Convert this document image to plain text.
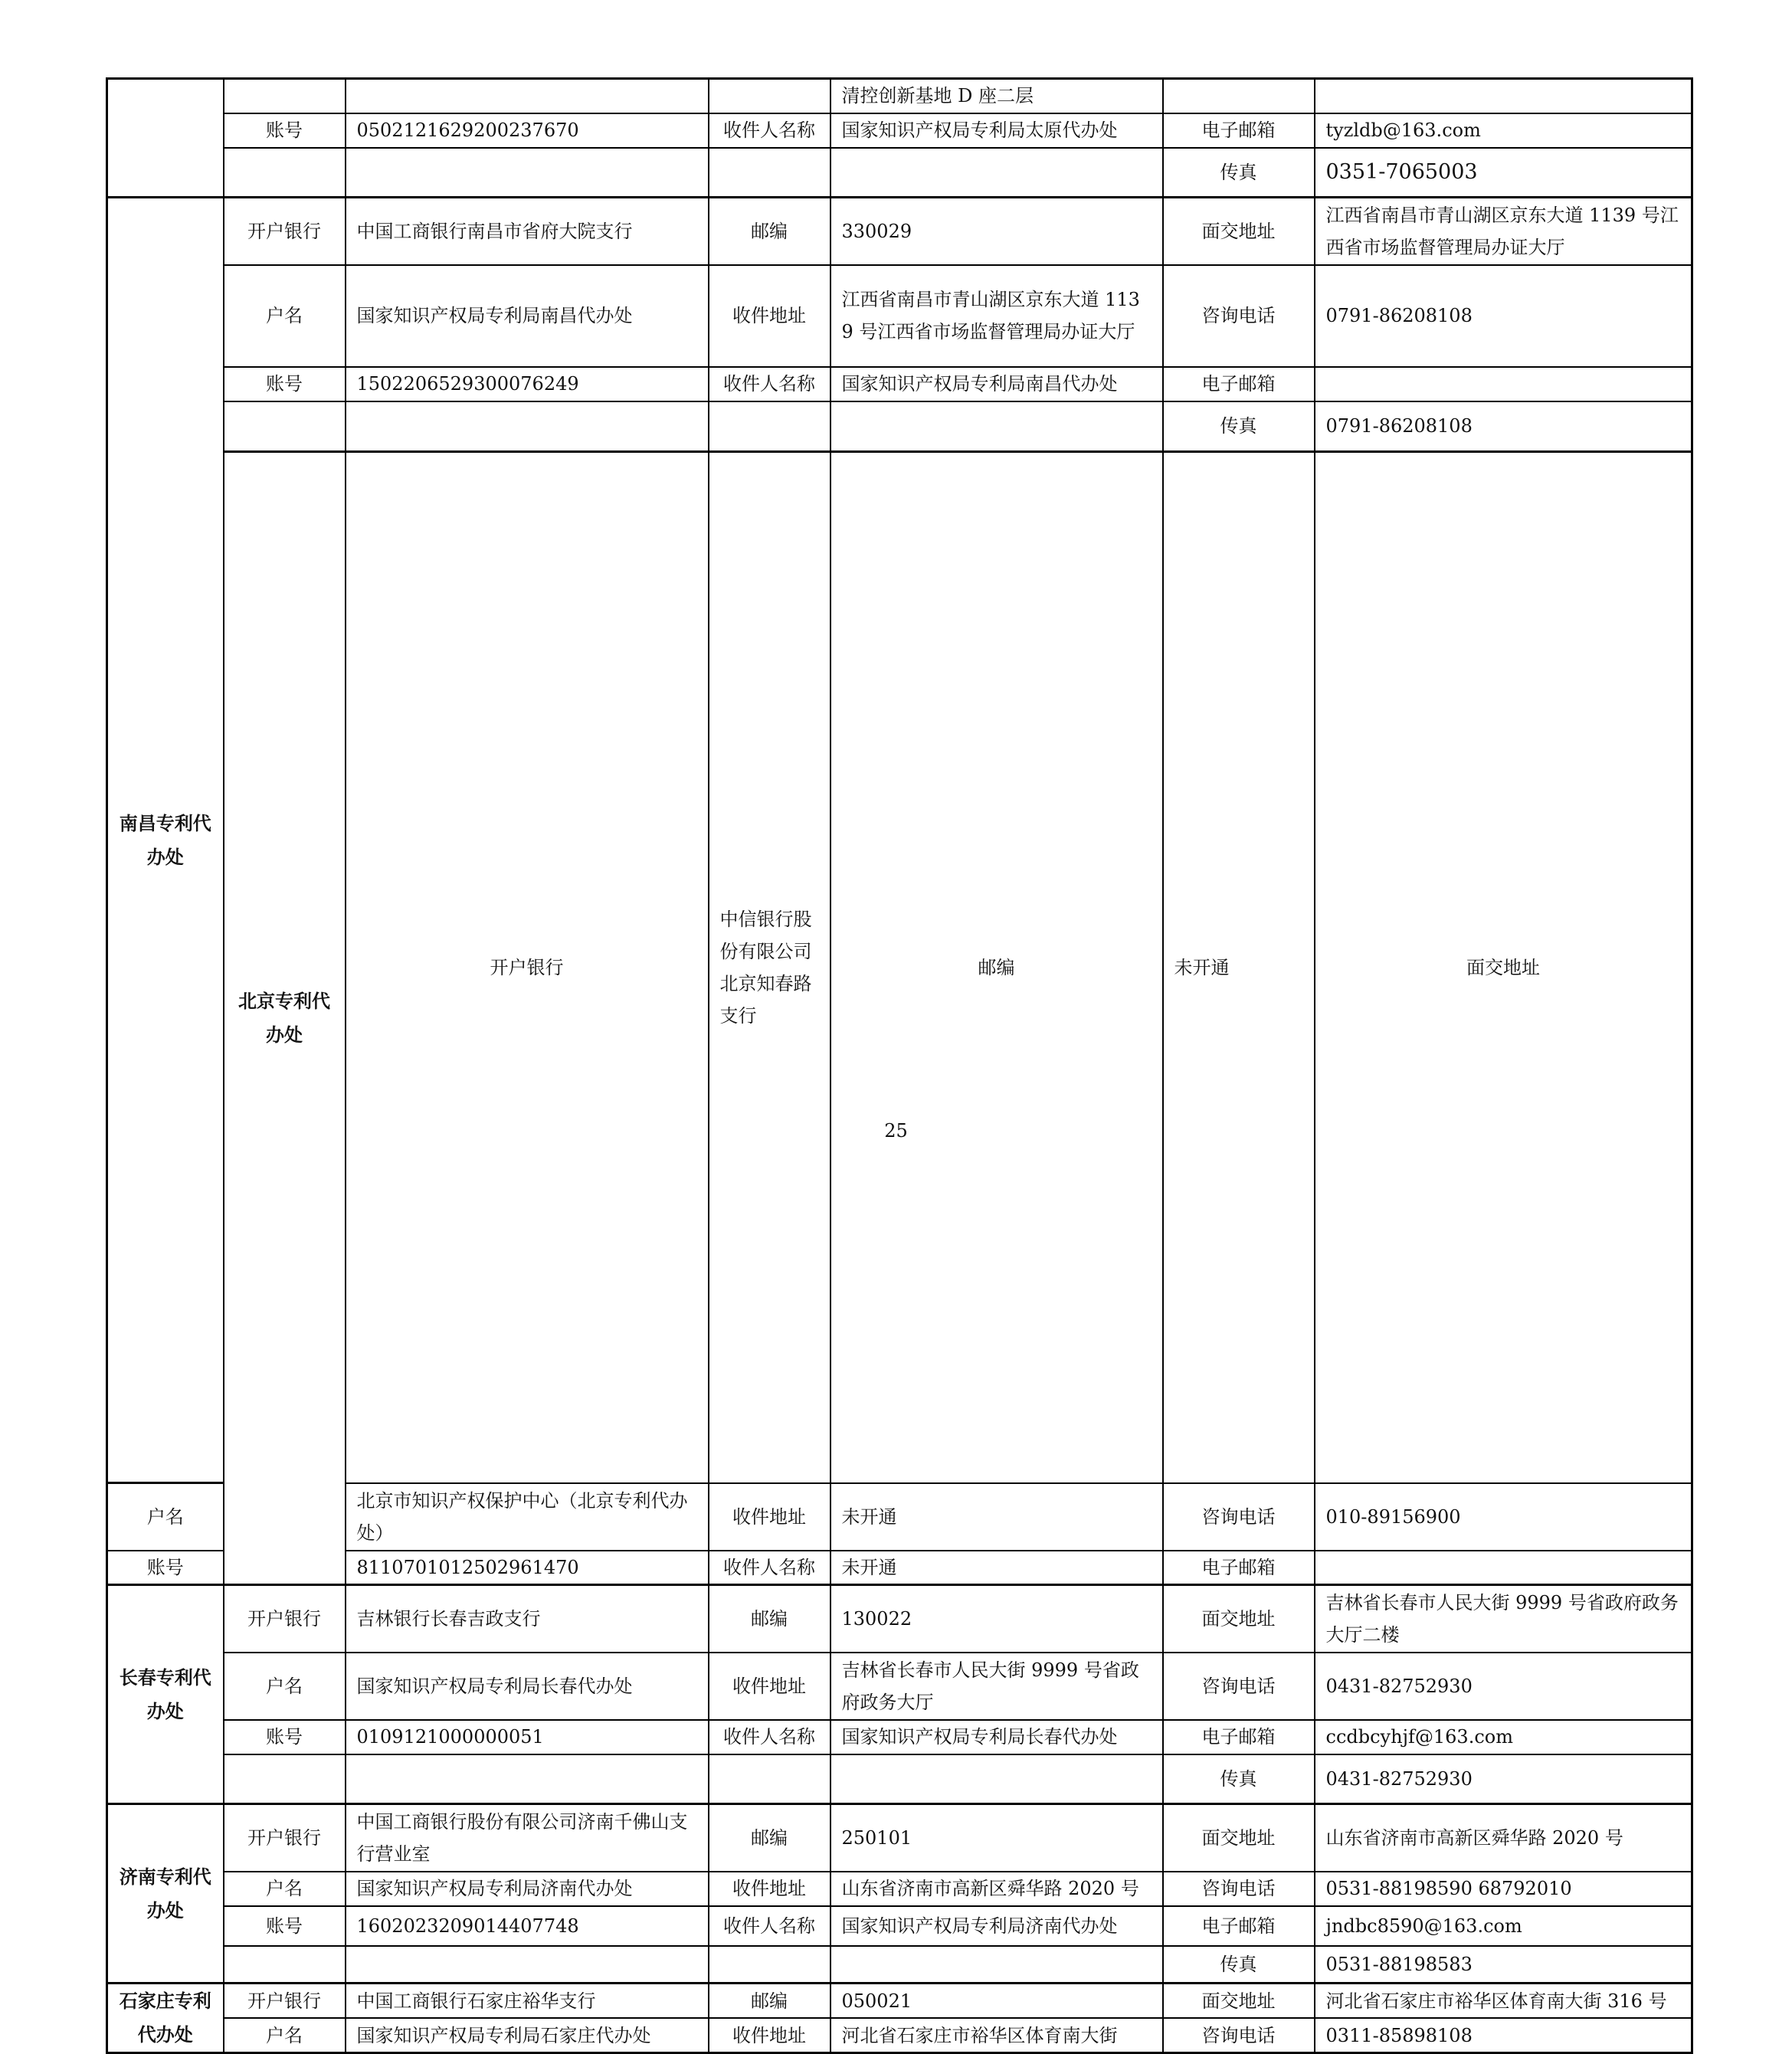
				清控创新基地 D 座二层			
	账号	0502121629200237670	收件人名称	国家知识产权局专利局太原代办处	电子邮箱	tyzldb@163.com	
					传真	0351-7065003	
南昌专利代办处	开户银行	中国工商银行南昌市省府大院支行	邮编	330029	面交地址	江西省南昌市青山湖区京东大道 1139 号江西省市场监督管理局办证大厅	
	户名	国家知识产权局专利局南昌代办处	收件地址	江西省南昌市青山湖区京东大道 1139 号江西省市场监督管理局办证大厅	咨询电话	0791-86208108	
	账号	1502206529300076249	收件人名称	国家知识产权局专利局南昌代办处	电子邮箱		
					传真	0791-86208108	
	北京专利代办处	开户银行	中信银行股份有限公司北京知春路支行	邮编	未开通	面交地址	
户名		北京市知识产权保护中心（北京专利代办处）	收件地址	未开通	咨询电话	010-89156900	
账号		8110701012502961470	收件人名称	未开通	电子邮箱		
长春专利代办处	开户银行	吉林银行长春吉政支行	邮编	130022	面交地址	吉林省长春市人民大街 9999 号省政府政务大厅二楼	
	户名	国家知识产权局专利局长春代办处	收件地址	吉林省长春市人民大街 9999 号省政府政务大厅	咨询电话	0431-82752930	
	账号	0109121000000051	收件人名称	国家知识产权局专利局长春代办处	电子邮箱	ccdbcyhjf@163.com	
					传真	0431-82752930	
济南专利代办处	开户银行	中国工商银行股份有限公司济南千佛山支行营业室	邮编	250101	面交地址	山东省济南市高新区舜华路 2020 号	
	户名	国家知识产权局专利局济南代办处	收件地址	山东省济南市高新区舜华路 2020 号	咨询电话	0531-88198590 68792010	
	账号	1602023209014407748	收件人名称	国家知识产权局专利局济南代办处	电子邮箱	jndbc8590@163.com	
					传真	0531-88198583	
石家庄专利代办处	开户银行	中国工商银行石家庄裕华支行	邮编	050021	面交地址	河北省石家庄市裕华区体育南大街 316 号	
	户名	国家知识产权局专利局石家庄代办处	收件地址	河北省石家庄市裕华区体育南大街	咨询电话	0311-85898108	
25
